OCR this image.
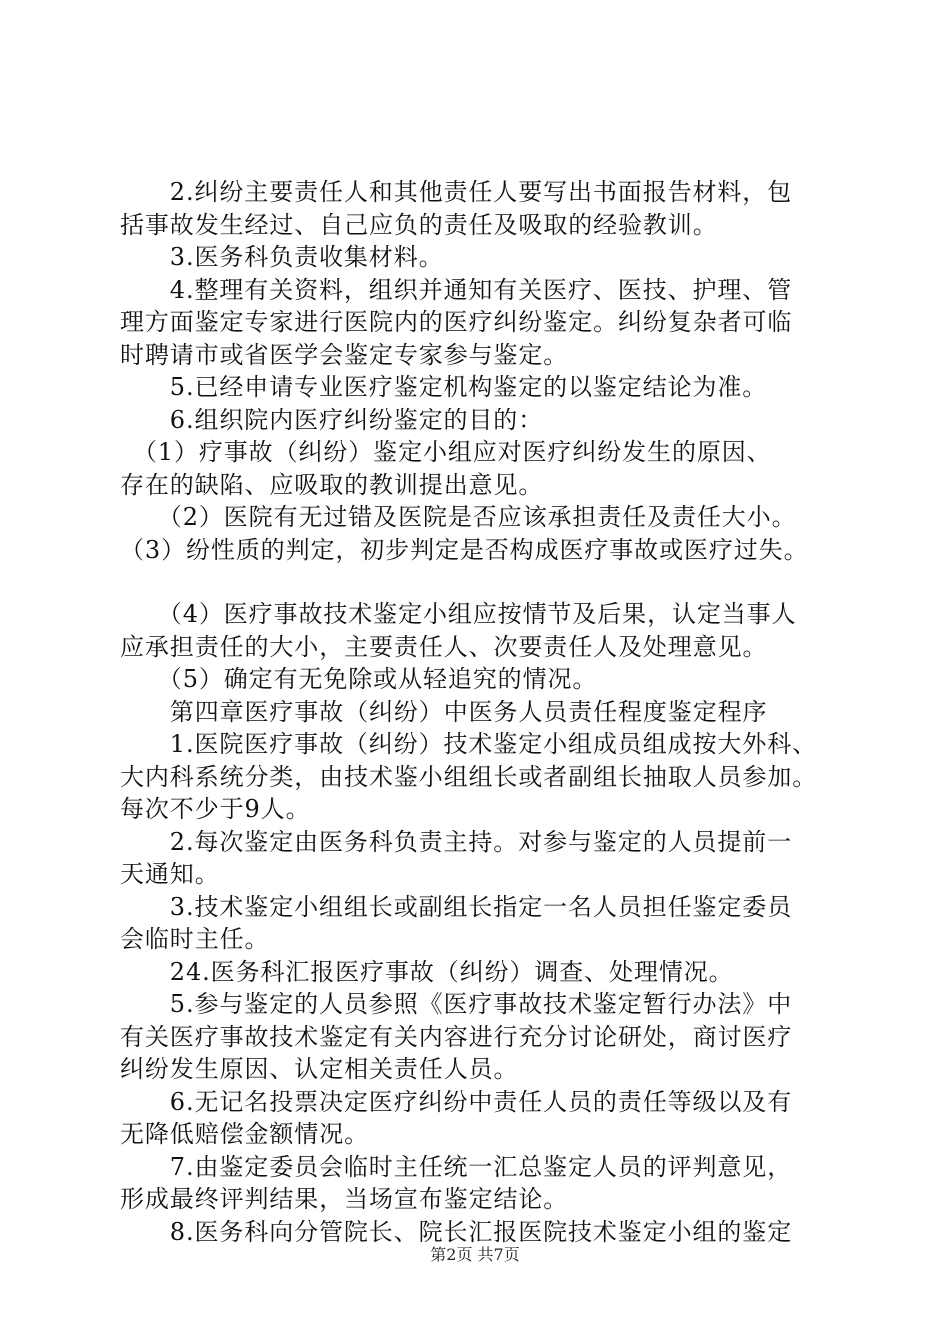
　　2.纠纷主要责任人和其他责任人要写出书面报告材料，包
括事故发生经过、自己应负的责任及吸取的经验教训。
　　3.医务科负责收集材料。
　　4.整理有关资料，组织并通知有关医疗、医技、护理、管
理方面鉴定专家进行医院内的医疗纠纷鉴定。纠纷复杂者可临
时聘请市或省医学会鉴定专家参与鉴定。
　　5.已经申请专业医疗鉴定机构鉴定的以鉴定结论为准。
　　6.组织院内医疗纠纷鉴定的目的：
　（1）疗事故（纠纷）鉴定小组应对医疗纠纷发生的原因、
存在的缺陷、应吸取的教训提出意见。
　　（2）医院有无过错及医院是否应该承担责任及责任大小。
（3）纷性质的判定，初步判定是否构成医疗事故或医疗过失。
　　（4）医疗事故技术鉴定小组应按情节及后果，认定当事人
应承担责任的大小，主要责任人、次要责任人及处理意见。
　　（5）确定有无免除或从轻追究的情况。
　　第四章医疗事故（纠纷）中医务人员责任程度鉴定程序
　　1.医院医疗事故（纠纷）技术鉴定小组成员组成按大外科、
大内科系统分类，由技术鉴小组组长或者副组长抽取人员参加。
每次不少于9人。
　　2.每次鉴定由医务科负责主持。对参与鉴定的人员提前一
天通知。
　　3.技术鉴定小组组长或副组长指定一名人员担任鉴定委员
会临时主任。
　　24.医务科汇报医疗事故（纠纷）调查、处理情况。
　　5.参与鉴定的人员参照《医疗事故技术鉴定暂行办法》中
有关医疗事故技术鉴定有关内容进行充分讨论研处，商讨医疗
纠纷发生原因、认定相关责任人员。
　　6.无记名投票决定医疗纠纷中责任人员的责任等级以及有
无降低赔偿金额情况。
　　7.由鉴定委员会临时主任统一汇总鉴定人员的评判意见，
形成最终评判结果，当场宣布鉴定结论。
　　8.医务科向分管院长、院长汇报医院技术鉴定小组的鉴定
第2页 共7页
